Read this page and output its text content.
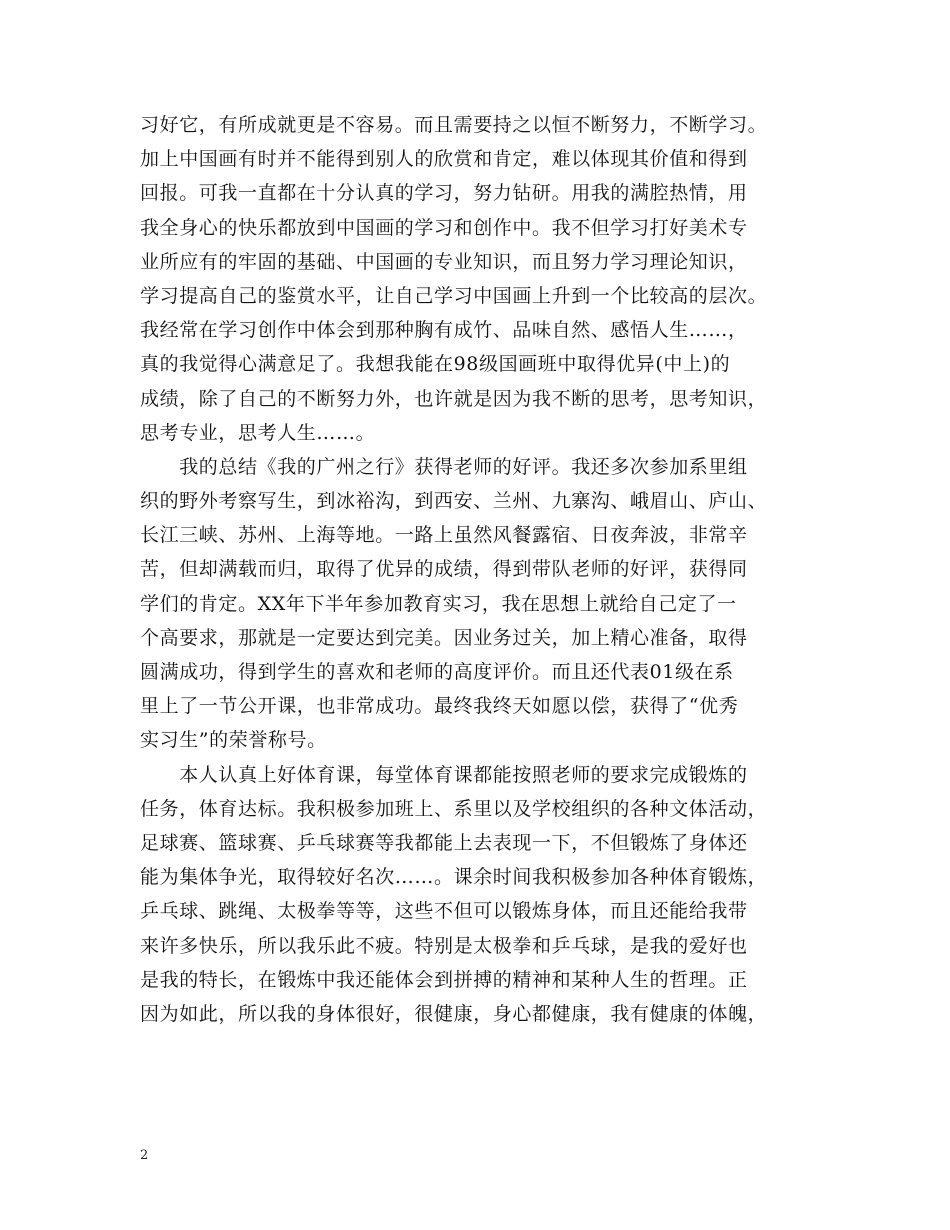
习好它，有所成就更是不容易。而且需要持之以恒不断努力，不断学习。
加上中国画有时并不能得到别人的欣赏和肯定，难以体现其价值和得到
回报。可我一直都在十分认真的学习，努力钻研。用我的满腔热情，用
我全身心的快乐都放到中国画的学习和创作中。我不但学习打好美术专
业所应有的牢固的基础、中国画的专业知识，而且努力学习理论知识，
学习提高自己的鉴赏水平，让自己学习中国画上升到一个比较高的层次。
我经常在学习创作中体会到那种胸有成竹、品味自然、感悟人生……，
真的我觉得心满意足了。我想我能在98级国画班中取得优异(中上)的
成绩，除了自己的不断努力外，也许就是因为我不断的思考，思考知识，
思考专业，思考人生……。
　　我的总结《我的广州之行》获得老师的好评。我还多次参加系里组
织的野外考察写生，到冰裕沟，到西安、兰州、九寨沟、峨眉山、庐山、
长江三峡、苏州、上海等地。一路上虽然风餐露宿、日夜奔波，非常辛
苦，但却满载而归，取得了优异的成绩，得到带队老师的好评，获得同
学们的肯定。XX年下半年参加教育实习，我在思想上就给自己定了一
个高要求，那就是一定要达到完美。因业务过关，加上精心准备，取得
圆满成功，得到学生的喜欢和老师的高度评价。而且还代表01级在系
里上了一节公开课，也非常成功。最终我终天如愿以偿，获得了“优秀
实习生”的荣誉称号。
　　本人认真上好体育课，每堂体育课都能按照老师的要求完成锻炼的
任务，体育达标。我积极参加班上、系里以及学校组织的各种文体活动，
足球赛、篮球赛、乒乓球赛等我都能上去表现一下，不但锻炼了身体还
能为集体争光，取得较好名次……。课余时间我积极参加各种体育锻炼，
乒乓球、跳绳、太极拳等等，这些不但可以锻炼身体，而且还能给我带
来许多快乐，所以我乐此不疲。特别是太极拳和乒乓球，是我的爱好也
是我的特长，在锻炼中我还能体会到拼搏的精神和某种人生的哲理。正
因为如此，所以我的身体很好，很健康，身心都健康，我有健康的体魄，
2
